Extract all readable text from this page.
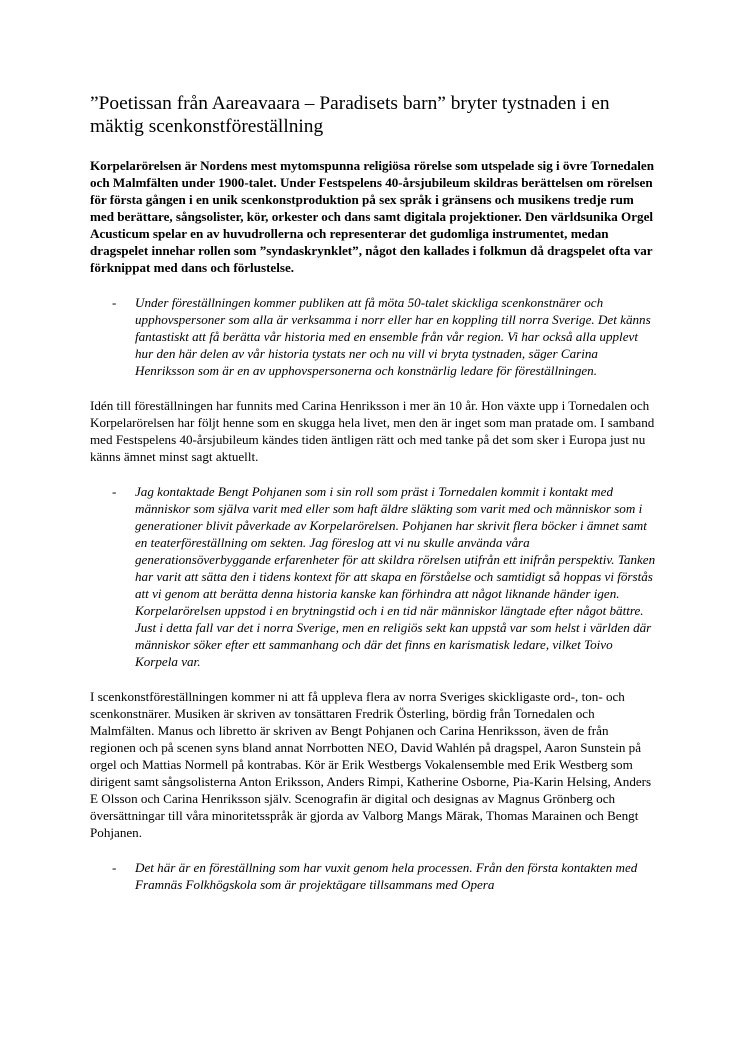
”Poetissan från Aareavaara – Paradisets barn” bryter tystnaden i en mäktig scenkonstföreställning

Korpelarörelsen är Nordens mest mytomspunna religiösa rörelse som utspelade sig i övre Tornedalen och Malmfälten under 1900-talet. Under Festspelens 40-årsjubileum skildras berättelsen om rörelsen för första gången i en unik scenkonstproduktion på sex språk i gränsens och musikens tredje rum med berättare, sångsolister, kör, orkester och dans samt digitala projektioner. Den världsunika Orgel Acusticum spelar en av huvudrollerna och representerar det gudomliga instrumentet, medan dragspelet innehar rollen som ”syndaskrynklet”, något den kallades i folkmun då dragspelet ofta var förknippat med dans och förlustelse.

- Under föreställningen kommer publiken att få möta 50-talet skickliga scenkonstnärer och upphovspersoner som alla är verksamma i norr eller har en koppling till norra Sverige. Det känns fantastiskt att få berätta vår historia med en ensemble från vår region. Vi har också alla upplevt hur den här delen av vår historia tystats ner och nu vill vi bryta tystnaden, säger Carina Henriksson som är en av upphovspersonerna och konstnärlig ledare för föreställningen.

Idén till föreställningen har funnits med Carina Henriksson i mer än 10 år. Hon växte upp i Tornedalen och Korpelarörelsen har följt henne som en skugga hela livet, men den är inget som man pratade om. I samband med Festspelens 40-årsjubileum kändes tiden äntligen rätt och med tanke på det som sker i Europa just nu känns ämnet minst sagt aktuellt.

- Jag kontaktade Bengt Pohjanen som i sin roll som präst i Tornedalen kommit i kontakt med människor som själva varit med eller som haft äldre släkting som varit med och människor som i generationer blivit påverkade av Korpelarörelsen. Pohjanen har skrivit flera böcker i ämnet samt en teaterföreställning om sekten. Jag föreslog att vi nu skulle använda våra generationsöverbyggande erfarenheter för att skildra rörelsen utifrån ett inifrån perspektiv. Tanken har varit att sätta den i tidens kontext för att skapa en förståelse och samtidigt så hoppas vi förstås att vi genom att berätta denna historia kanske kan förhindra att något liknande händer igen. Korpelarörelsen uppstod i en brytningstid och i en tid när människor längtade efter något bättre. Just i detta fall var det i norra Sverige, men en religiös sekt kan uppstå var som helst i världen där människor söker efter ett sammanhang och där det finns en karismatisk ledare, vilket Toivo Korpela var.

I scenkonstföreställningen kommer ni att få uppleva flera av norra Sveriges skickligaste ord-, ton- och scenkonstnärer. Musiken är skriven av tonsättaren Fredrik Österling, bördig från Tornedalen och Malmfälten. Manus och libretto är skriven av Bengt Pohjanen och Carina Henriksson, även de från regionen och på scenen syns bland annat Norrbotten NEO, David Wahlén på dragspel, Aaron Sunstein på orgel och Mattias Normell på kontrabas. Kör är Erik Westbergs Vokalensemble med Erik Westberg som dirigent samt sångsolisterna Anton Eriksson, Anders Rimpi, Katherine Osborne, Pia-Karin Helsing, Anders E Olsson och Carina Henriksson själv. Scenografin är digital och designas av Magnus Grönberg och översättningar till våra minoritetsspråk är gjorda av Valborg Mangs Märak, Thomas Marainen och Bengt Pohjanen.

- Det här är en föreställning som har vuxit genom hela processen. Från den första kontakten med Framnäs Folkhögskola som är projektägare tillsammans med Opera
